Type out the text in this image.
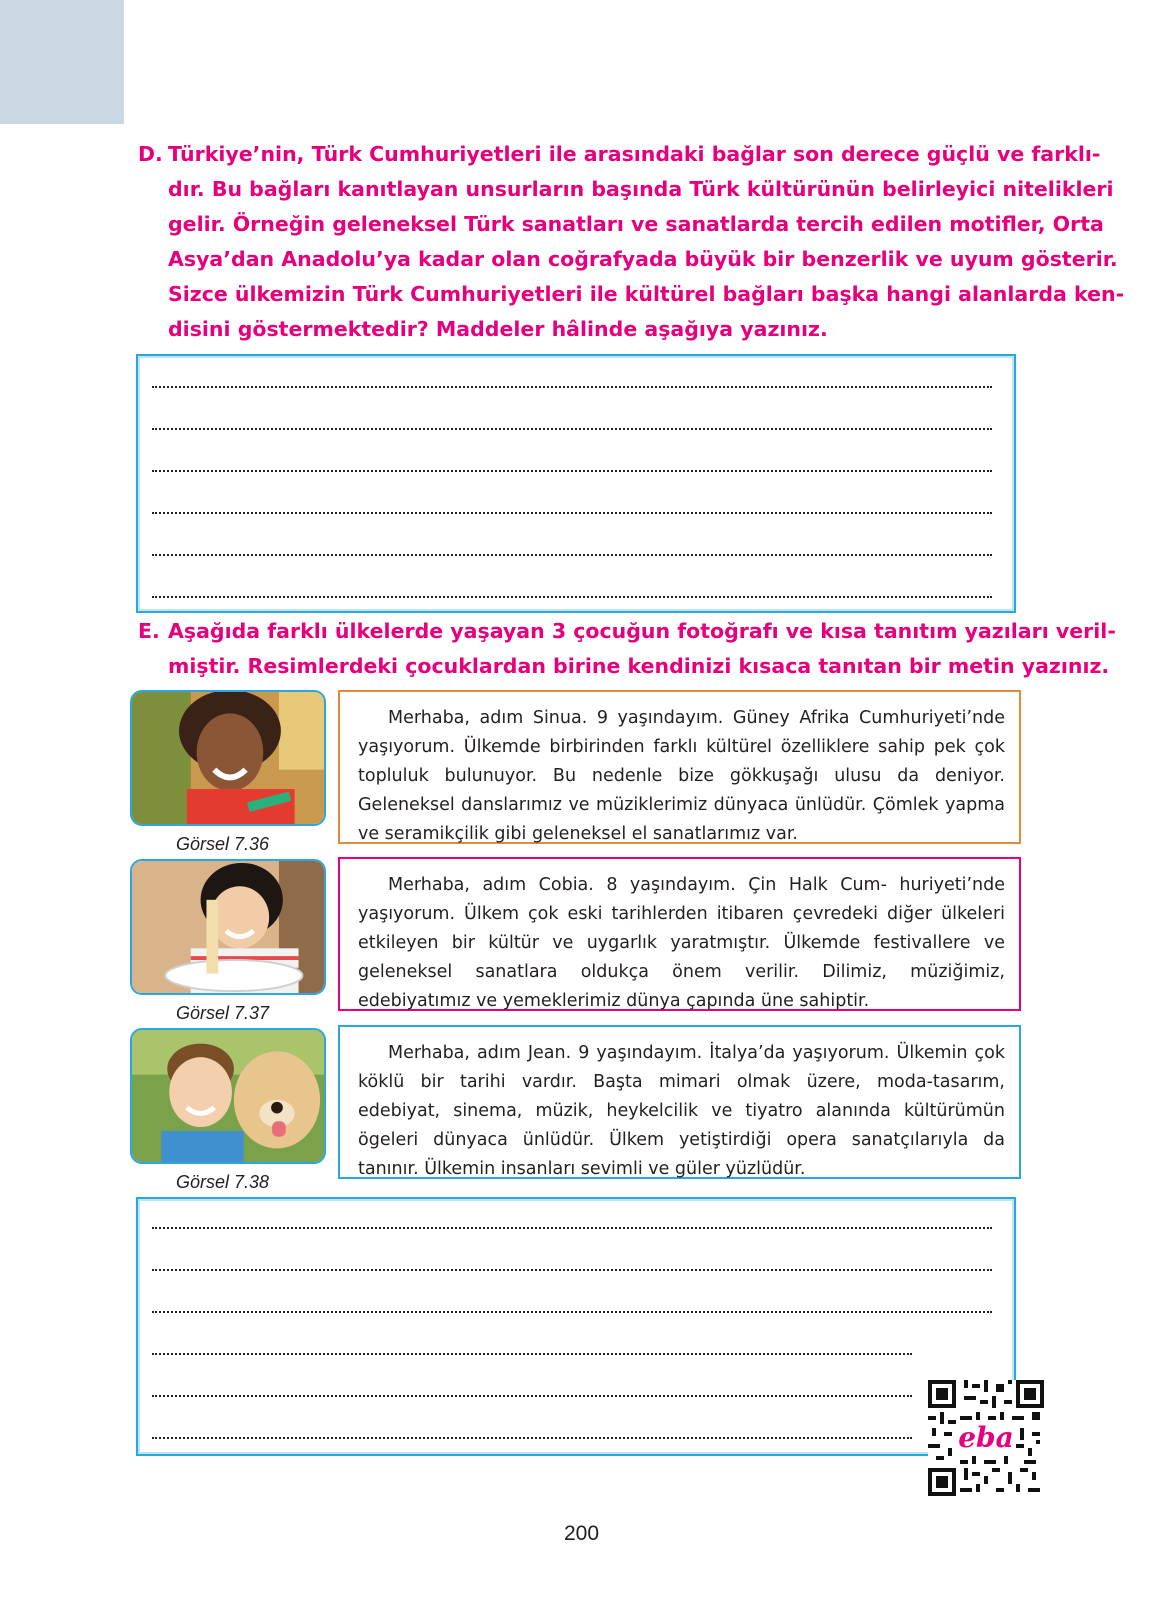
D. Türkiye’nin, Türk Cumhuriyetleri ile arasındaki bağlar son derece güçlü ve farklı-
dır. Bu bağları kanıtlayan unsurların başında Türk kültürünün belirleyici nitelikleri
gelir. Örneğin geleneksel Türk sanatları ve sanatlarda tercih edilen motifler, Orta
Asya’dan Anadolu’ya kadar olan coğrafyada büyük bir benzerlik ve uyum gösterir.
Sizce ülkemizin Türk Cumhuriyetleri ile kültürel bağları başka hangi alanlarda ken-
disini göstermektedir? Maddeler hâlinde aşağıya yazınız.
E. Aşağıda farklı ülkelerde yaşayan 3 çocuğun fotoğrafı ve kısa tanıtım yazıları veril-
miştir. Resimlerdeki çocuklardan birine kendinizi kısaca tanıtan bir metin yazınız.
Görsel 7.36

Merhaba, adım Sinua. 9 yaşındayım. Güney Afrika Cumhuriyeti’nde yaşıyorum. Ülkemde birbirinden farklı kültürel özelliklere sahip pek çok topluluk bulunuyor. Bu nedenle bize gökkuşağı ulusu da deniyor. Geleneksel danslarımız ve müziklerimiz dünyaca ünlüdür. Çömlek yapma ve seramikçilik gibi geleneksel el sanatlarımız var.

Görsel 7.37

Merhaba, adım Cobia. 8 yaşındayım. Çin Halk Cum- huriyeti’nde yaşıyorum. Ülkem çok eski tarihlerden itibaren çevredeki diğer ülkeleri etkileyen bir kültür ve uygarlık yaratmıştır. Ülkemde festivallere ve geleneksel sanatlara oldukça önem verilir. Dilimiz, müziğimiz, edebiyatımız ve yemeklerimiz dünya çapında üne sahiptir.

Görsel 7.38

Merhaba, adım Jean. 9 yaşındayım. İtalya’da yaşıyorum. Ülkemin çok köklü bir tarihi vardır. Başta mimari olmak üzere, moda-tasarım, edebiyat, sinema, müzik, heykelcilik ve tiyatro alanında kültürümün ögeleri dünyaca ünlüdür. Ülkem yetiştirdiği opera sanatçılarıyla da tanınır. Ülkemin insanları sevimli ve güler yüzlüdür.

eba
200
